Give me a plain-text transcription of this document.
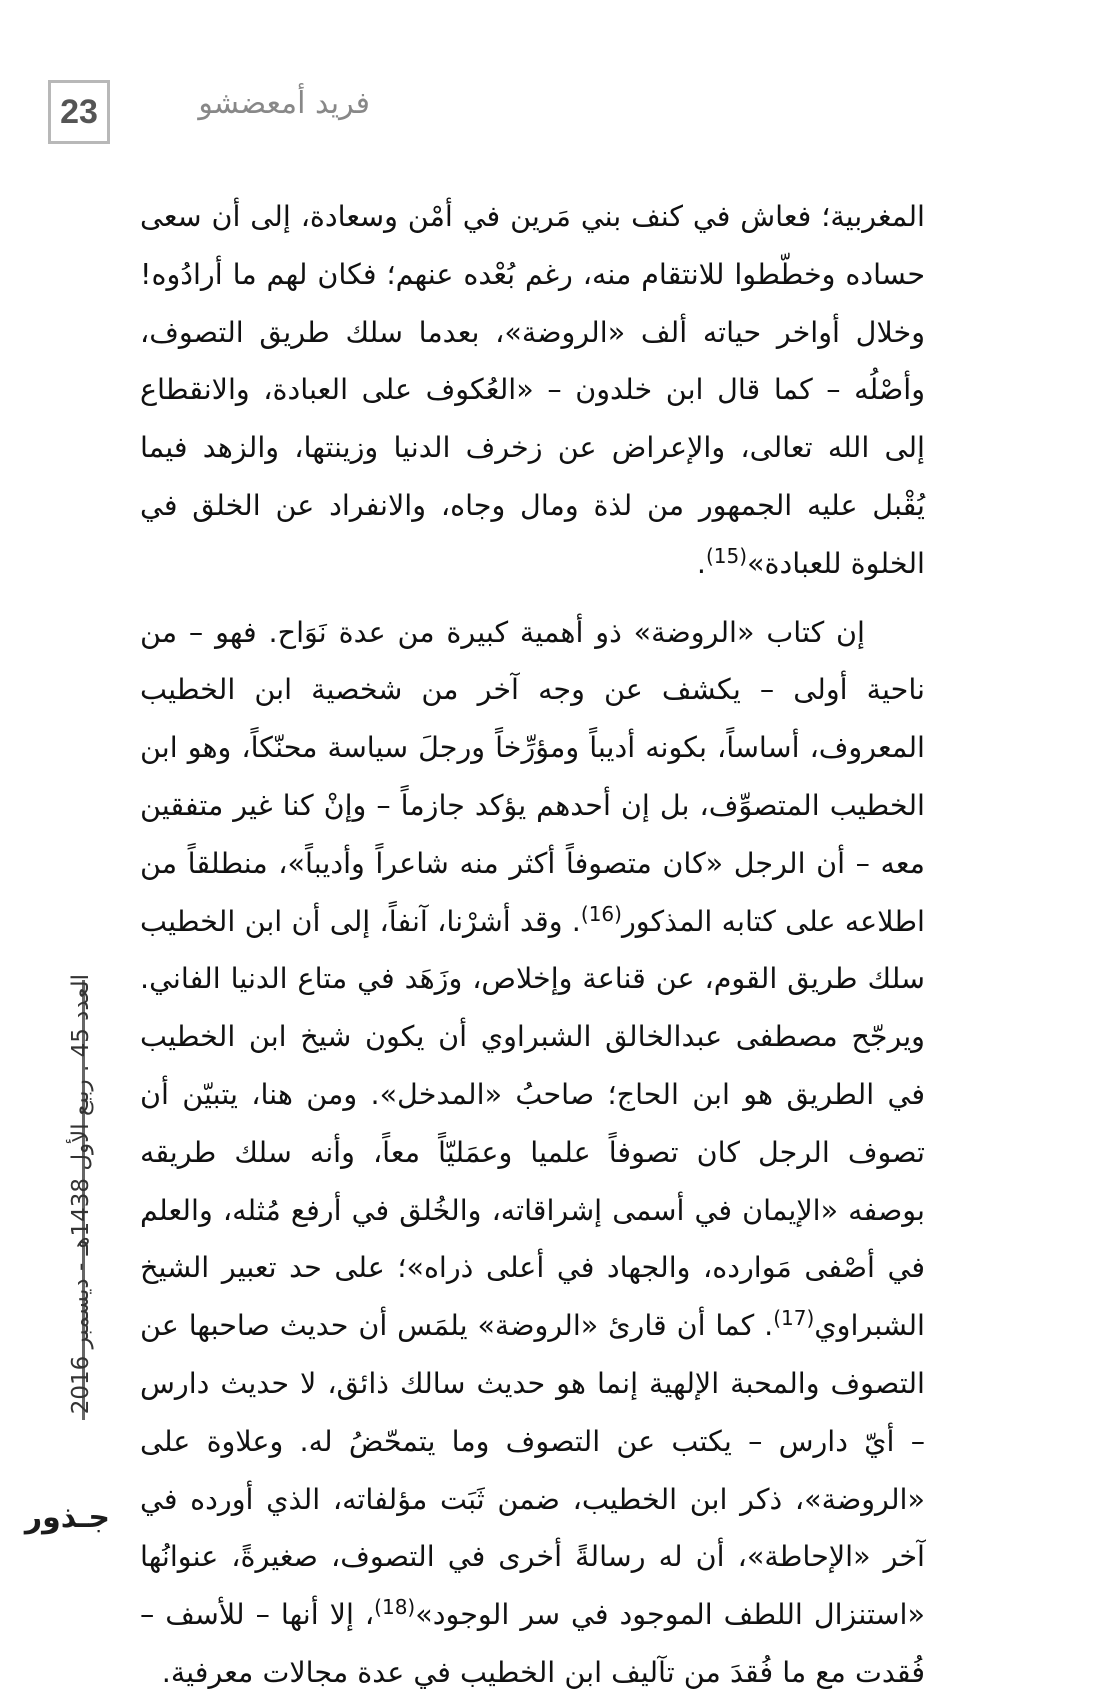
23	فريد أمعضشو

المغربية؛ فعاش في كنف بني مَرين في أمْن وسعادة، إلى أن سعى حساده وخطّطوا للانتقام منه، رغم بُعْده عنهم؛ فكان لهم ما أرادُوه! وخلال أواخر حياته ألف «الروضة»، بعدما سلك طريق التصوف، وأصْلُه – كما قال ابن خلدون – «العُكوف على العبادة، والانقطاع إلى الله تعالى، والإعراض عن زخرف الدنيا وزينتها، والزهد فيما يُقْبل عليه الجمهور من لذة ومال وجاه، والانفراد عن الخلق في الخلوة للعبادة»$^{(15)}$.

إن كتاب «الروضة» ذو أهمية كبيرة من عدة نَوَاح. فهو – من ناحية أولى – يكشف عن وجه آخر من شخصية ابن الخطيب المعروف، أساساً، بكونه أديباً ومؤرِّخاً ورجلَ سياسة محنّكاً، وهو ابن الخطيب المتصوِّف، بل إن أحدهم يؤكد جازماً – وإنْ كنا غير متفقين معه – أن الرجل «كان متصوفاً أكثر منه شاعراً وأديباً»، منطلقاً من اطلاعه على كتابه المذكور$^{(16)}$. وقد أشرْنا، آنفاً، إلى أن ابن الخطيب سلك طريق القوم، عن قناعة وإخلاص، وزَهَد في متاع الدنيا الفاني. ويرجّح مصطفى عبدالخالق الشبراوي أن يكون شيخ ابن الخطيب في الطريق هو ابن الحاج؛ صاحبُ «المدخل». ومن هنا، يتبيّن أن تصوف الرجل كان تصوفاً علميا وعمَليّاً معاً، وأنه سلك طريقه بوصفه «الإيمان في أسمى إشراقاته، والخُلق في أرفع مُثله، والعلم في أصْفى مَوارده، والجهاد في أعلى ذراه»؛ على حد تعبير الشيخ الشبراوي$^{(17)}$. كما أن قارئ «الروضة» يلمَس أن حديث صاحبها عن التصوف والمحبة الإلهية إنما هو حديث سالك ذائق، لا حديث دارس – أيّ دارس – يكتب عن التصوف وما يتمحّضُ له. وعلاوة على «الروضة»، ذكر ابن الخطيب، ضمن ثَبَت مؤلفاته، الذي أورده في آخر «الإحاطة»، أن له رسالةً أخرى في التصوف، صغيرةً، عنوانُها «استنزال اللطف الموجود في سر الوجود»$^{(18)}$، إلا أنها – للأسف – فُقدت مع ما فُقدَ من تآليف ابن الخطيب في عدة مجالات معرفية.

العدد 45 . ربيع الأول 1438هـ - ديسمبر 2016
جـذور
